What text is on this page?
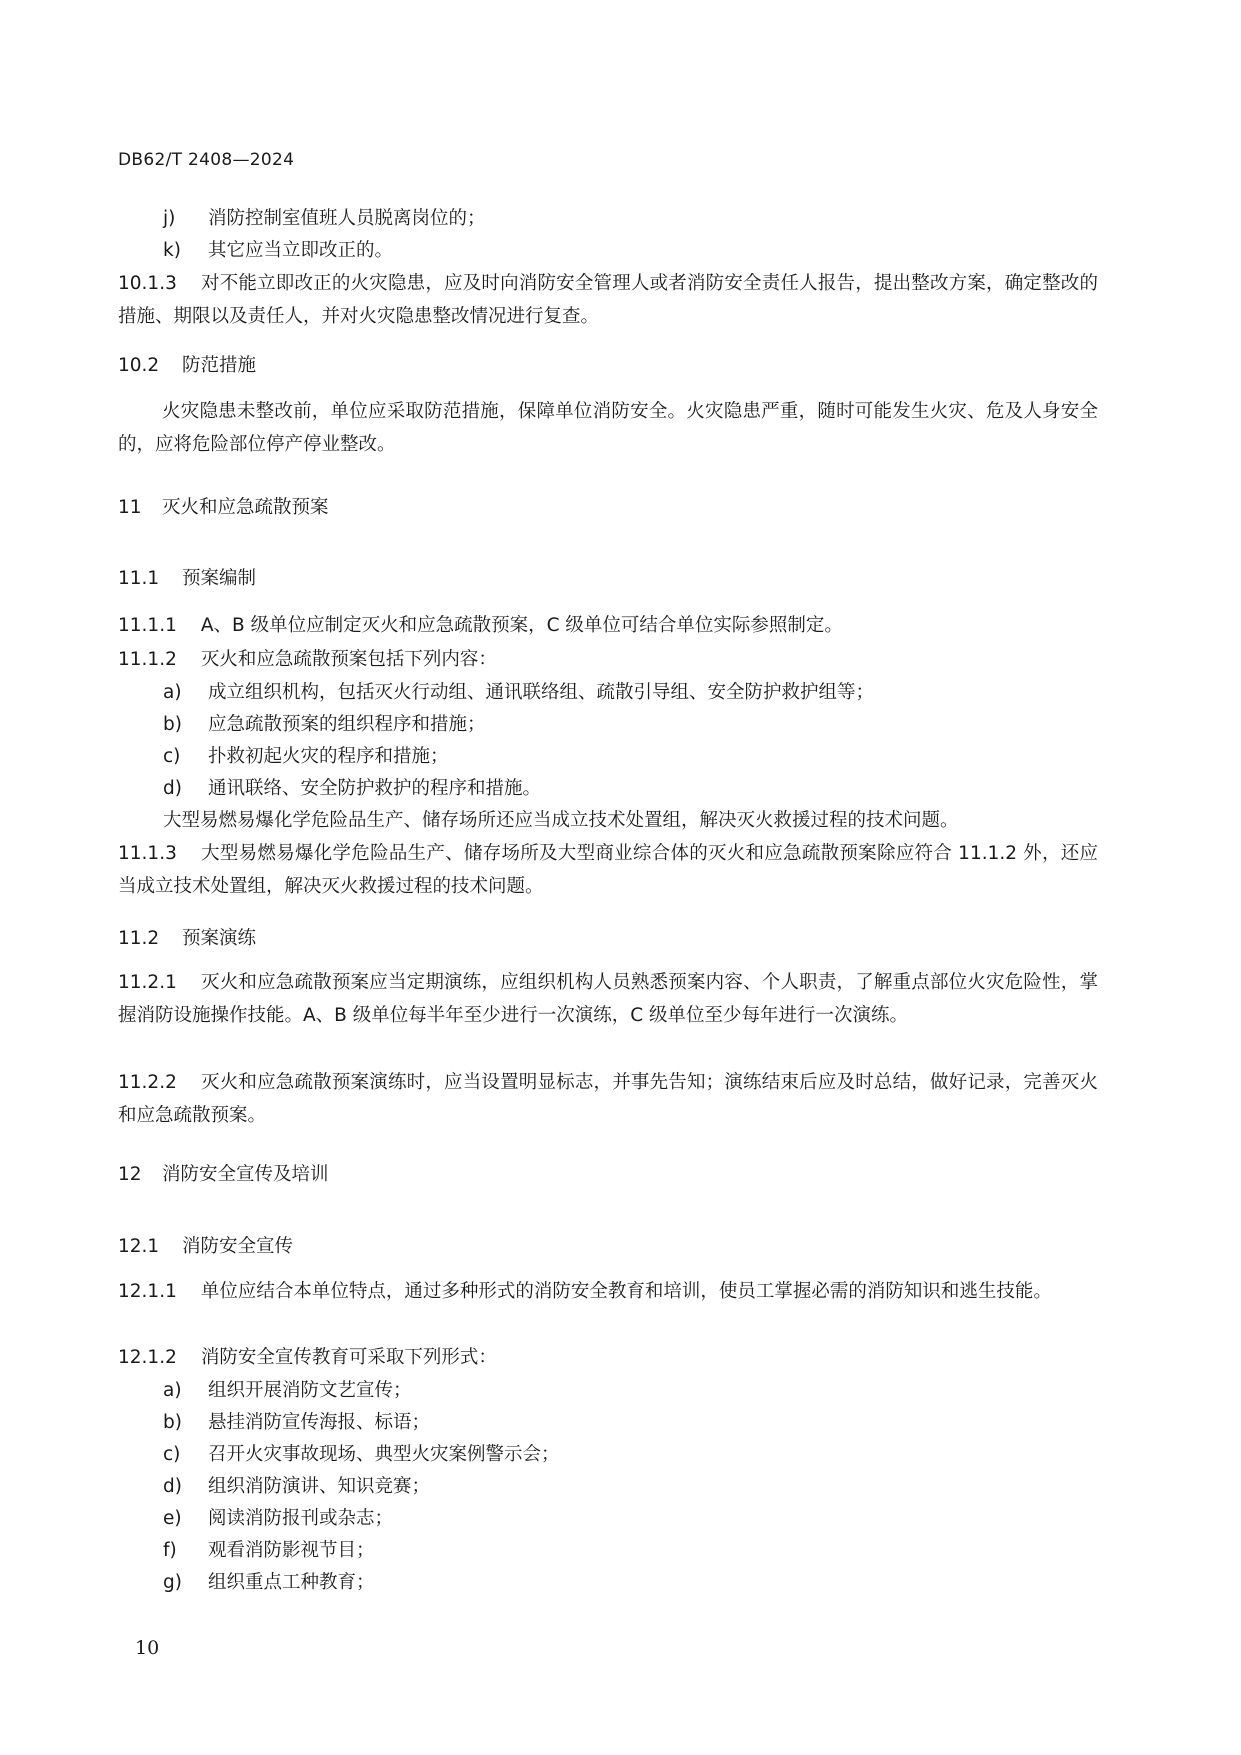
DB62/T 2408—2024
j) 消防控制室值班人员脱离岗位的；
k) 其它应当立即改正的。
10.1.3 对不能立即改正的火灾隐患，应及时向消防安全管理人或者消防安全责任人报告，提出整改方案，确定整改的措施、期限以及责任人，并对火灾隐患整改情况进行复查。
10.2 防范措施
火灾隐患未整改前，单位应采取防范措施，保障单位消防安全。火灾隐患严重，随时可能发生火灾、危及人身安全的，应将危险部位停产停业整改。
11 灭火和应急疏散预案
11.1 预案编制
11.1.1 A、B 级单位应制定灭火和应急疏散预案，C 级单位可结合单位实际参照制定。
11.1.2 灭火和应急疏散预案包括下列内容：
a) 成立组织机构，包括灭火行动组、通讯联络组、疏散引导组、安全防护救护组等；
b) 应急疏散预案的组织程序和措施；
c) 扑救初起火灾的程序和措施；
d) 通讯联络、安全防护救护的程序和措施。
大型易燃易爆化学危险品生产、储存场所还应当成立技术处置组，解决灭火救援过程的技术问题。
11.1.3 大型易燃易爆化学危险品生产、储存场所及大型商业综合体的灭火和应急疏散预案除应符合 11.1.2 外，还应当成立技术处置组，解决灭火救援过程的技术问题。
11.2 预案演练
11.2.1 灭火和应急疏散预案应当定期演练，应组织机构人员熟悉预案内容、个人职责，了解重点部位火灾危险性，掌握消防设施操作技能。A、B 级单位每半年至少进行一次演练，C 级单位至少每年进行一次演练。
11.2.2 灭火和应急疏散预案演练时，应当设置明显标志，并事先告知；演练结束后应及时总结，做好记录，完善灭火和应急疏散预案。
12 消防安全宣传及培训
12.1 消防安全宣传
12.1.1 单位应结合本单位特点，通过多种形式的消防安全教育和培训，使员工掌握必需的消防知识和逃生技能。
12.1.2 消防安全宣传教育可采取下列形式：
a) 组织开展消防文艺宣传；
b) 悬挂消防宣传海报、标语；
c) 召开火灾事故现场、典型火灾案例警示会；
d) 组织消防演讲、知识竞赛；
e) 阅读消防报刊或杂志；
f) 观看消防影视节目；
g) 组织重点工种教育；
10
